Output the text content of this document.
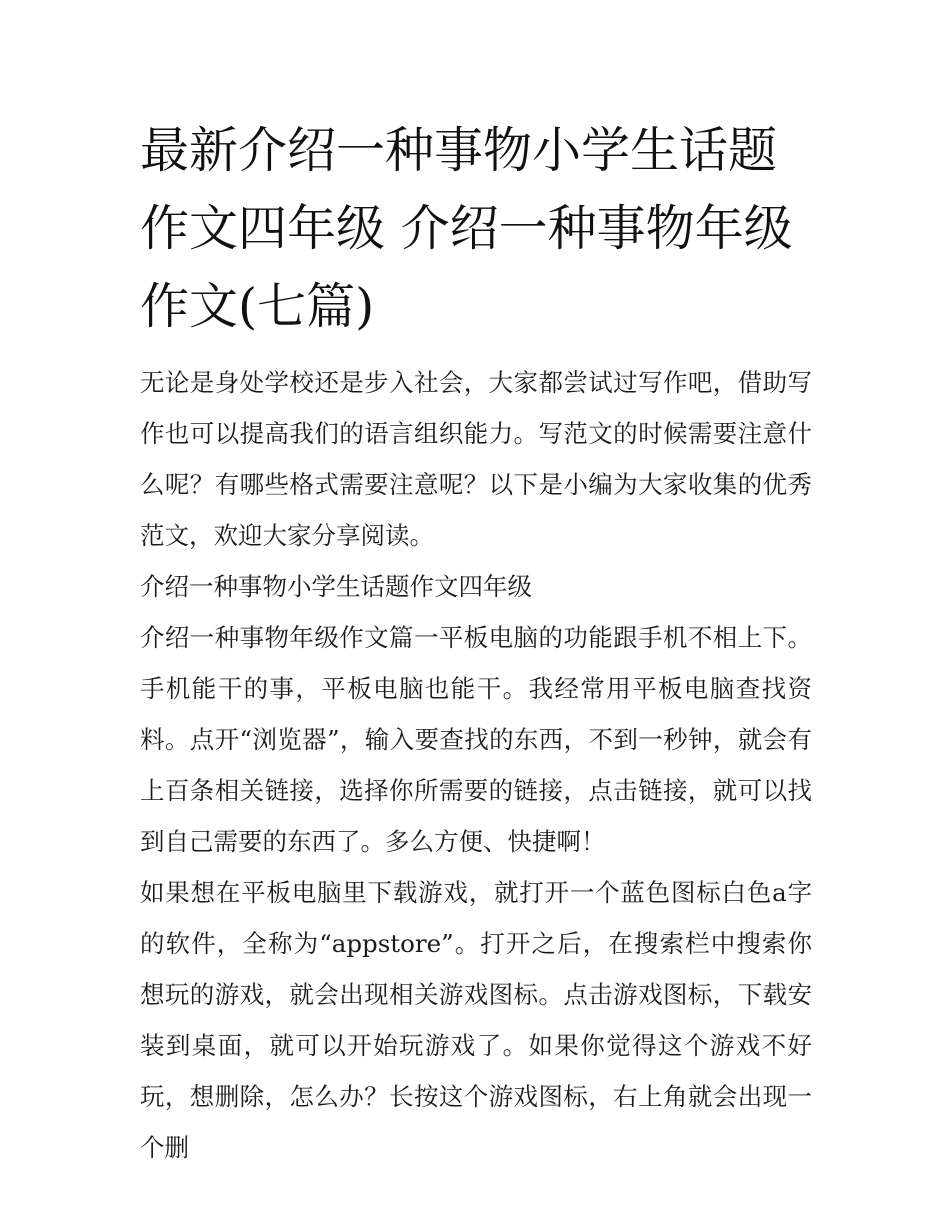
最新介绍一种事物小学生话题作文四年级 介绍一种事物年级作文(七篇)

无论是身处学校还是步入社会，大家都尝试过写作吧，借助写作也可以提高我们的语言组织能力。写范文的时候需要注意什么呢？有哪些格式需要注意呢？以下是小编为大家收集的优秀范文，欢迎大家分享阅读。

介绍一种事物小学生话题作文四年级

介绍一种事物年级作文篇一平板电脑的功能跟手机不相上下。手机能干的事，平板电脑也能干。我经常用平板电脑查找资料。点开“浏览器”，输入要查找的东西，不到一秒钟，就会有上百条相关链接，选择你所需要的链接，点击链接，就可以找到自己需要的东西了。多么方便、快捷啊！

如果想在平板电脑里下载游戏，就打开一个蓝色图标白色a字的软件，全称为“appstore”。打开之后，在搜索栏中搜索你想玩的游戏，就会出现相关游戏图标。点击游戏图标，下载安装到桌面，就可以开始玩游戏了。如果你觉得这个游戏不好玩，想删除，怎么办？长按这个游戏图标，右上角就会出现一个删
